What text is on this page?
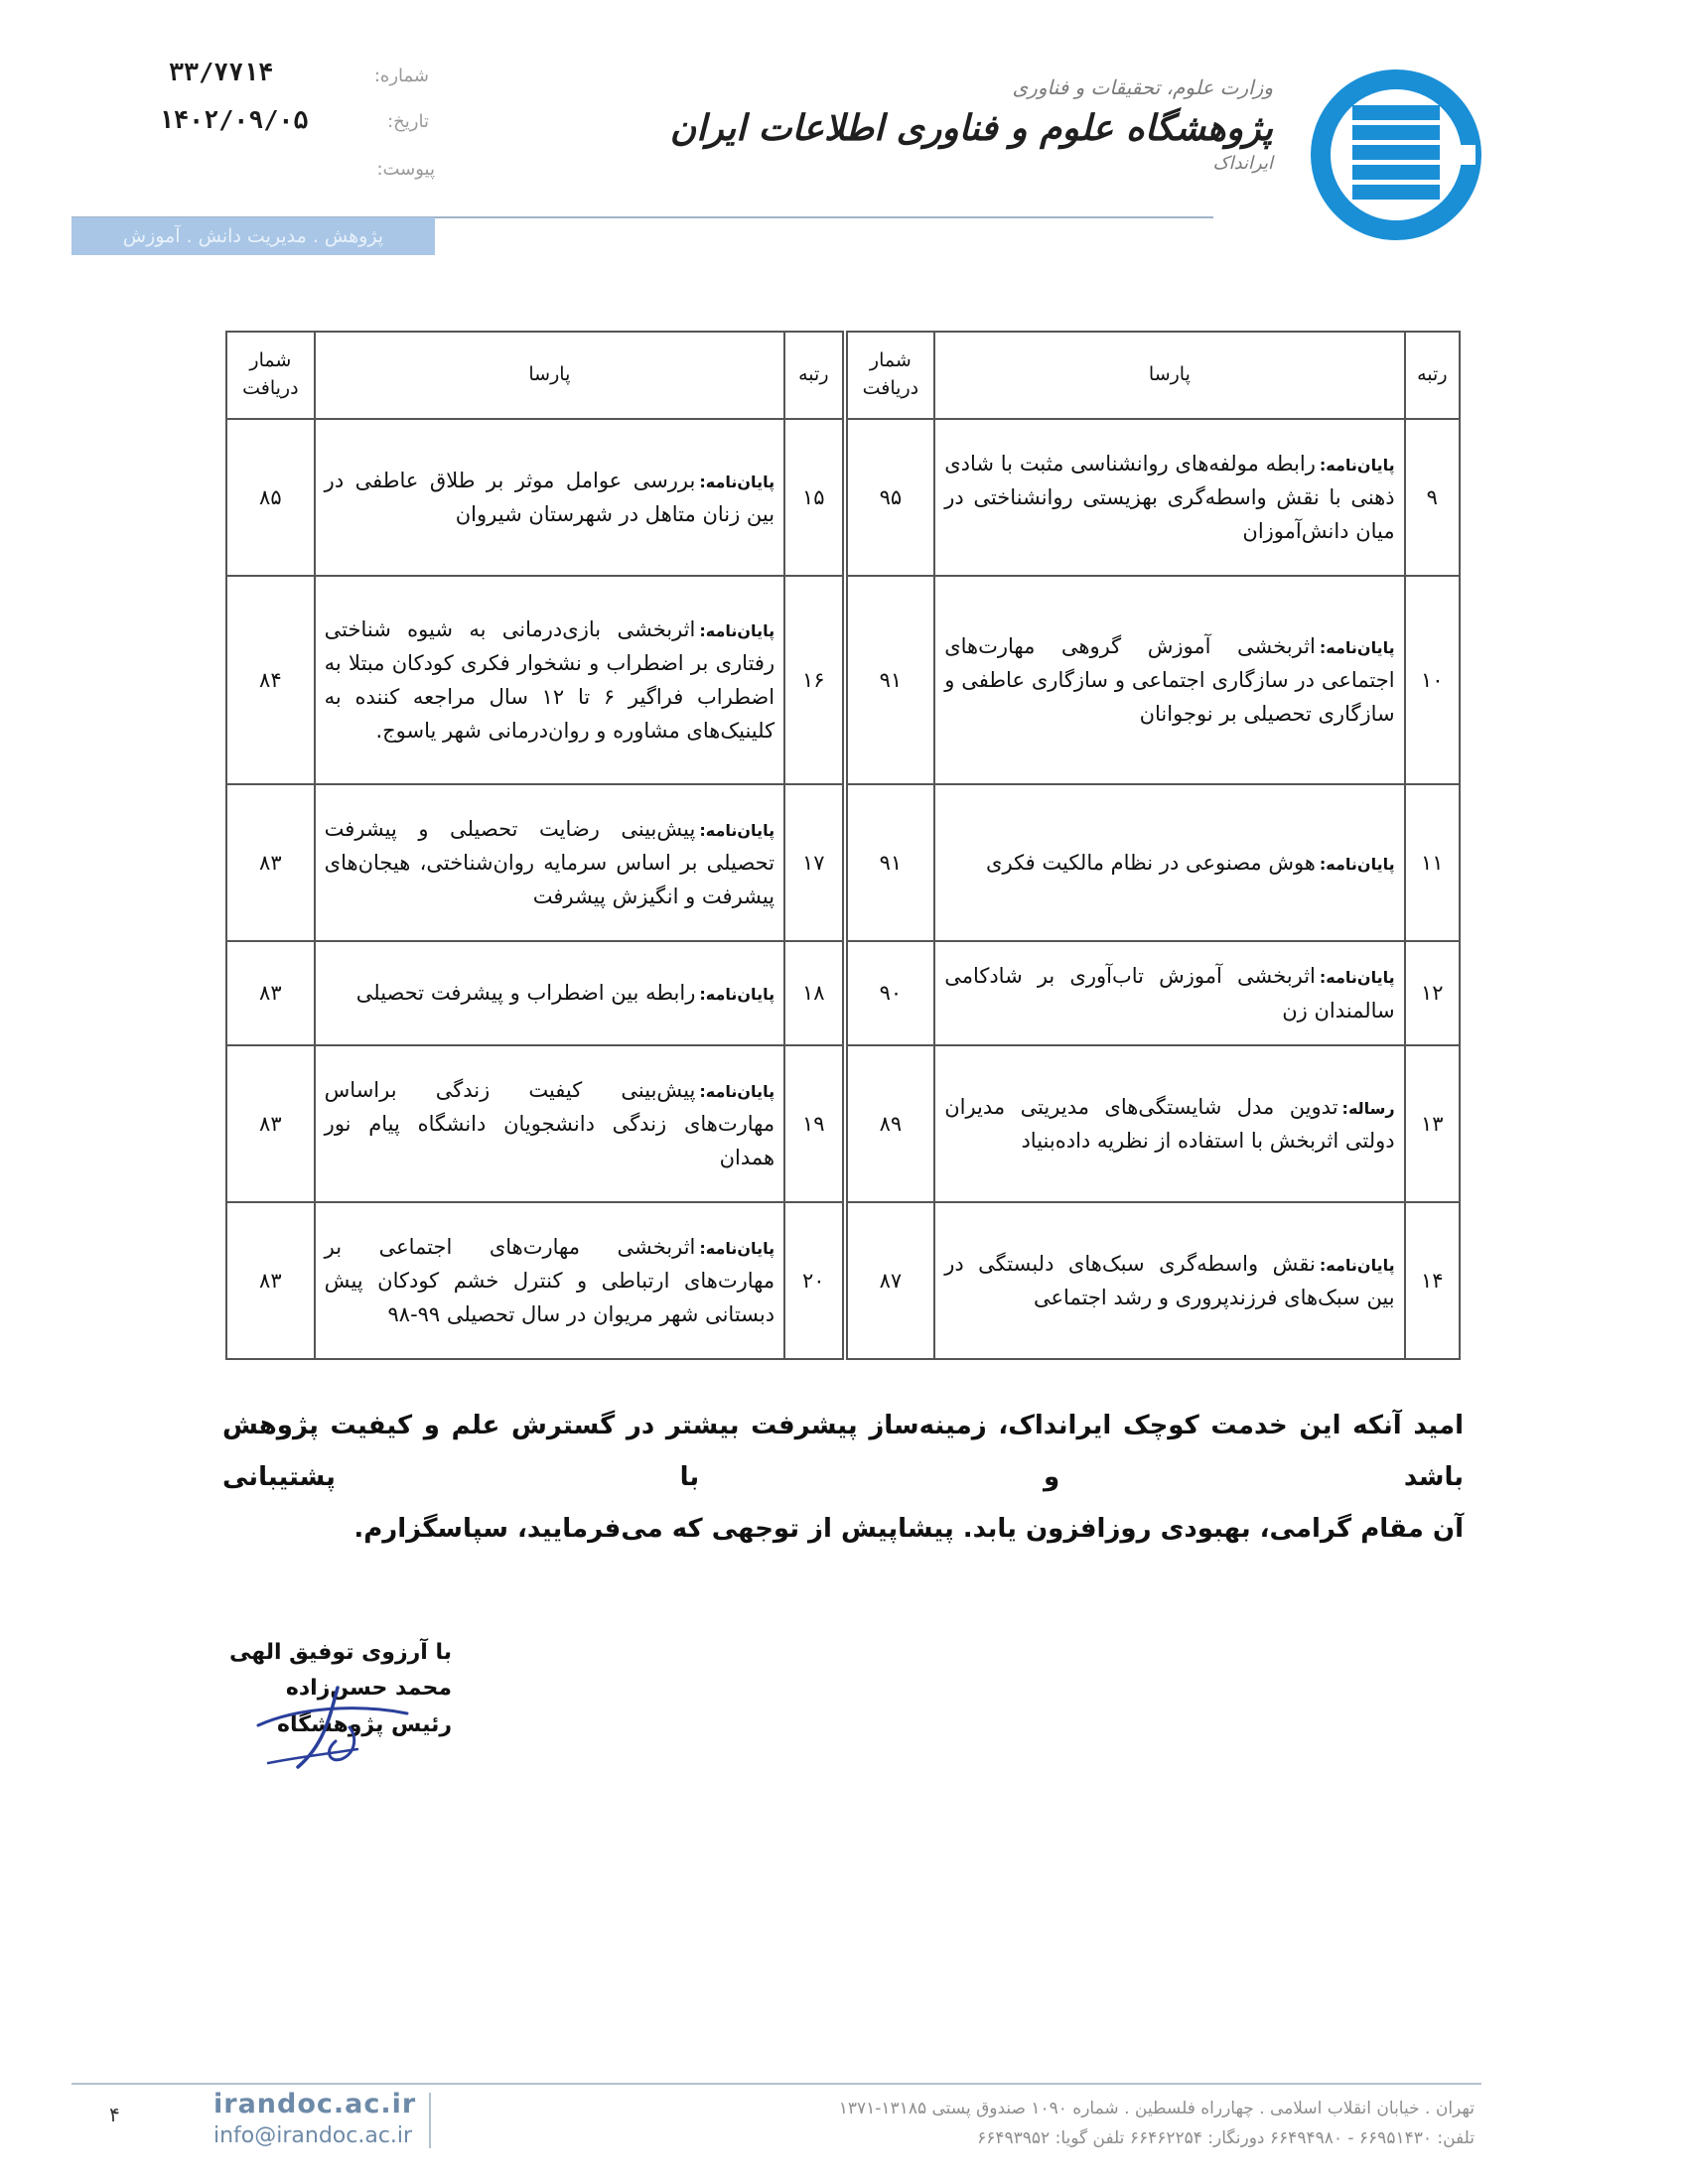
وزارت علوم، تحقیقات و فناوری
پژوهشگاه علوم و فناوری اطلاعات ایران
ایرانداک
شماره:
تاریخ:
پیوست:
۳۳/۷۷۱۴
۱۴۰۲/۰۹/۰۵
پژوهش . مدیریت دانش . آموزش
رتبه	پارسا	شمار دریافت	رتبه	پارسا	شمار دریافت
۹	پایان‌نامه:رابطه مولفه‌های روانشناسی مثبت با شادی ذهنی با نقش واسطه‌گری بهزیستی روانشناختی در میان دانش‌آموزان	۹۵	۱۵	پایان‌نامه:بررسی عوامل موثر بر طلاق عاطفی در بین زنان متاهل در شهرستان شیروان	۸۵
۱۰	پایان‌نامه:اثربخشی آموزش گروهی مهارت‌های اجتماعی در سازگاری اجتماعی و سازگاری عاطفی و سازگاری تحصیلی بر نوجوانان	۹۱	۱۶	پایان‌نامه:اثربخشی بازی‌درمانی به شیوه شناختی رفتاری بر اضطراب و نشخوار فکری کودکان مبتلا به اضطراب فراگیر ۶ تا ۱۲ سال مراجعه کننده به کلینیک‌های مشاوره و روان‌درمانی شهر یاسوج.	۸۴
۱۱	پایان‌نامه:هوش مصنوعی در نظام مالکیت فکری	۹۱	۱۷	پایان‌نامه:پیش‌بینی رضایت تحصیلی و پیشرفت تحصیلی بر اساس سرمایه روان‌شناختی، هیجان‌های پیشرفت و انگیزش پیشرفت	۸۳
۱۲	پایان‌نامه:اثربخشی آموزش تاب‌آوری بر شادکامی سالمندان زن	۹۰	۱۸	پایان‌نامه:رابطه بین اضطراب و پیشرفت تحصیلی	۸۳
۱۳	رساله:تدوین مدل شایستگی‌های مدیریتی مدیران دولتی اثربخش با استفاده از نظریه داده‌بنیاد	۸۹	۱۹	پایان‌نامه:پیش‌بینی کیفیت زندگی براساس مهارت‌های زندگی دانشجویان دانشگاه پیام نور همدان	۸۳
۱۴	پایان‌نامه:نقش واسطه‌گری سبک‌های دلبستگی در بین سبک‌های فرزندپروری و رشد اجتماعی	۸۷	۲۰	پایان‌نامه:اثربخشی مهارت‌های اجتماعی بر مهارت‌های ارتباطی و کنترل خشم کودکان پیش دبستانی شهر مریوان در سال تحصیلی ۹۹-۹۸	۸۳
امید آنکه این خدمت کوچک ایرانداک، زمینه‌ساز پیشرفت بیشتر در گسترش علم و کیفیت پژوهش باشد و با پشتیبانی
آن مقام گرامی، بهبودی روزافزون یابد. پیشاپیش از توجهی که می‌فرمایید، سپاسگزارم.
با آرزوی توفیق الهی
محمد حسن‌زاده
رئیس پژوهشگاه
irandoc.ac.ir
info@irandoc.ac.ir
تهران . خیابان انقلاب اسلامی . چهارراه فلسطین . شماره ۱۰۹۰ صندوق پستی ۱۳۱۸۵-۱۳۷۱
تلفن: ۶۶۹۵۱۴۳۰ - ۶۶۴۹۴۹۸۰ دورنگار: ۶۶۴۶۲۲۵۴ تلفن گویا: ۶۶۴۹۳۹۵۲
۴
